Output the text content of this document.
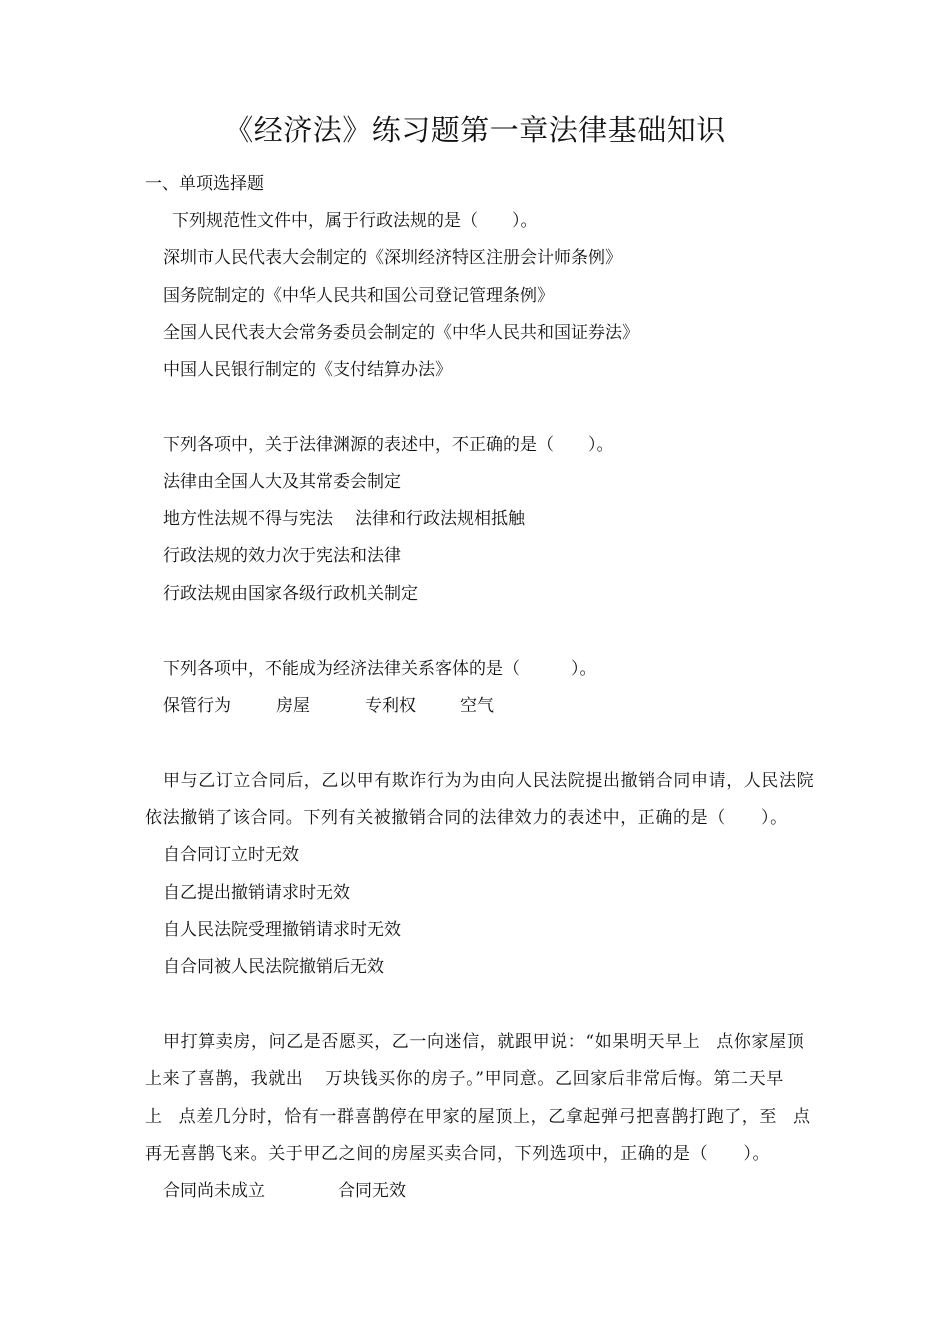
《经济法》练习题第一章法律基础知识
一、单项选择题
下列规范性文件中，属于行政法规的是（　　）。
深圳市人民代表大会制定的《深圳经济特区注册会计师条例》
国务院制定的《中华人民共和国公司登记管理条例》
全国人民代表大会常务委员会制定的《中华人民共和国证券法》
中国人民银行制定的《支付结算办法》
下列各项中，关于法律渊源的表述中，不正确的是（　　）。
法律由全国人大及其常委会制定
地方性法规不得与宪法 法律和行政法规相抵触
行政法规的效力次于宪法和法律
行政法规由国家各级行政机关制定
下列各项中，不能成为经济法律关系客体的是（　　　）。
保管行为	房屋	专利权	空气
甲与乙订立合同后，乙以甲有欺诈行为为由向人民法院提出撤销合同申请，人民法院
依法撤销了该合同。下列有关被撤销合同的法律效力的表述中，正确的是（　　）。
自合同订立时无效
自乙提出撤销请求时无效
自人民法院受理撤销请求时无效
自合同被人民法院撤销后无效
甲打算卖房，问乙是否愿买，乙一向迷信，就跟甲说：“如果明天早上 点你家屋顶
上来了喜鹊，我就出 万块钱买你的房子。”甲同意。乙回家后非常后悔。第二天早
上 点差几分时，恰有一群喜鹊停在甲家的屋顶上，乙拿起弹弓把喜鹊打跑了，至 点
再无喜鹊飞来。关于甲乙之间的房屋买卖合同，下列选项中，正确的是（　　）。
合同尚未成立	合同无效
